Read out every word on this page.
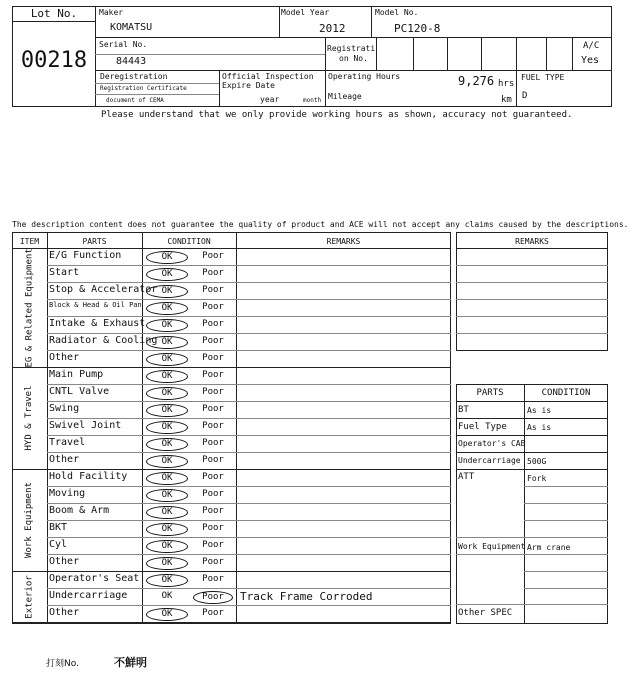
Lot No.
00218
Maker
KOMATSU
Model Year
2012
Model No.
PC120-8
Serial No.
84443
Registrati
on No.
A/C
Yes
Deregistration
Registration Certificate
document of CEMA
Official Inspection
Expire Date
year	month
Operating Hours	9,276 hrs
Mileage	km
FUEL TYPE
D
Please understand that we only provide working hours as shown, accuracy not guaranteed.
The description content does not guarantee the quality of product and ACE will not accept any claims caused by the descriptions.
ITEM	PARTS	CONDITION	REMARKS
E/G Function	OK	Poor
Start	OK	Poor
Stop & Accelerator OK	Poor
Block & Head & Oil Pan	OK	Poor
Intake & Exhaust	OK	Poor
Radiator & Cooling OK	Poor
Other	OK	Poor
EG & Related Equipment
Main Pump	OK	Poor
CNTL Valve	OK	Poor
Swing	OK	Poor
Swivel Joint	OK	Poor
Travel	OK	Poor
Other	OK	Poor
HYD & Travel
Hold Facility	OK	Poor
Moving	OK	Poor
Boom & Arm	OK	Poor
BKT	OK	Poor
Cyl	OK	Poor
Other	OK	Poor
Work Equipment
Operator's Seat	OK	Poor
Undercarriage	OK	Poor	Track Frame Corroded
Other	OK	Poor
Exterior
REMARKS
PARTS	CONDITION
BT	As is
Fuel Type	As is
Operator's CAB
Undercarriage 500G
ATT	Fork
Work Equipment Arm crane
Other SPEC
打刻No.	不鮮明
